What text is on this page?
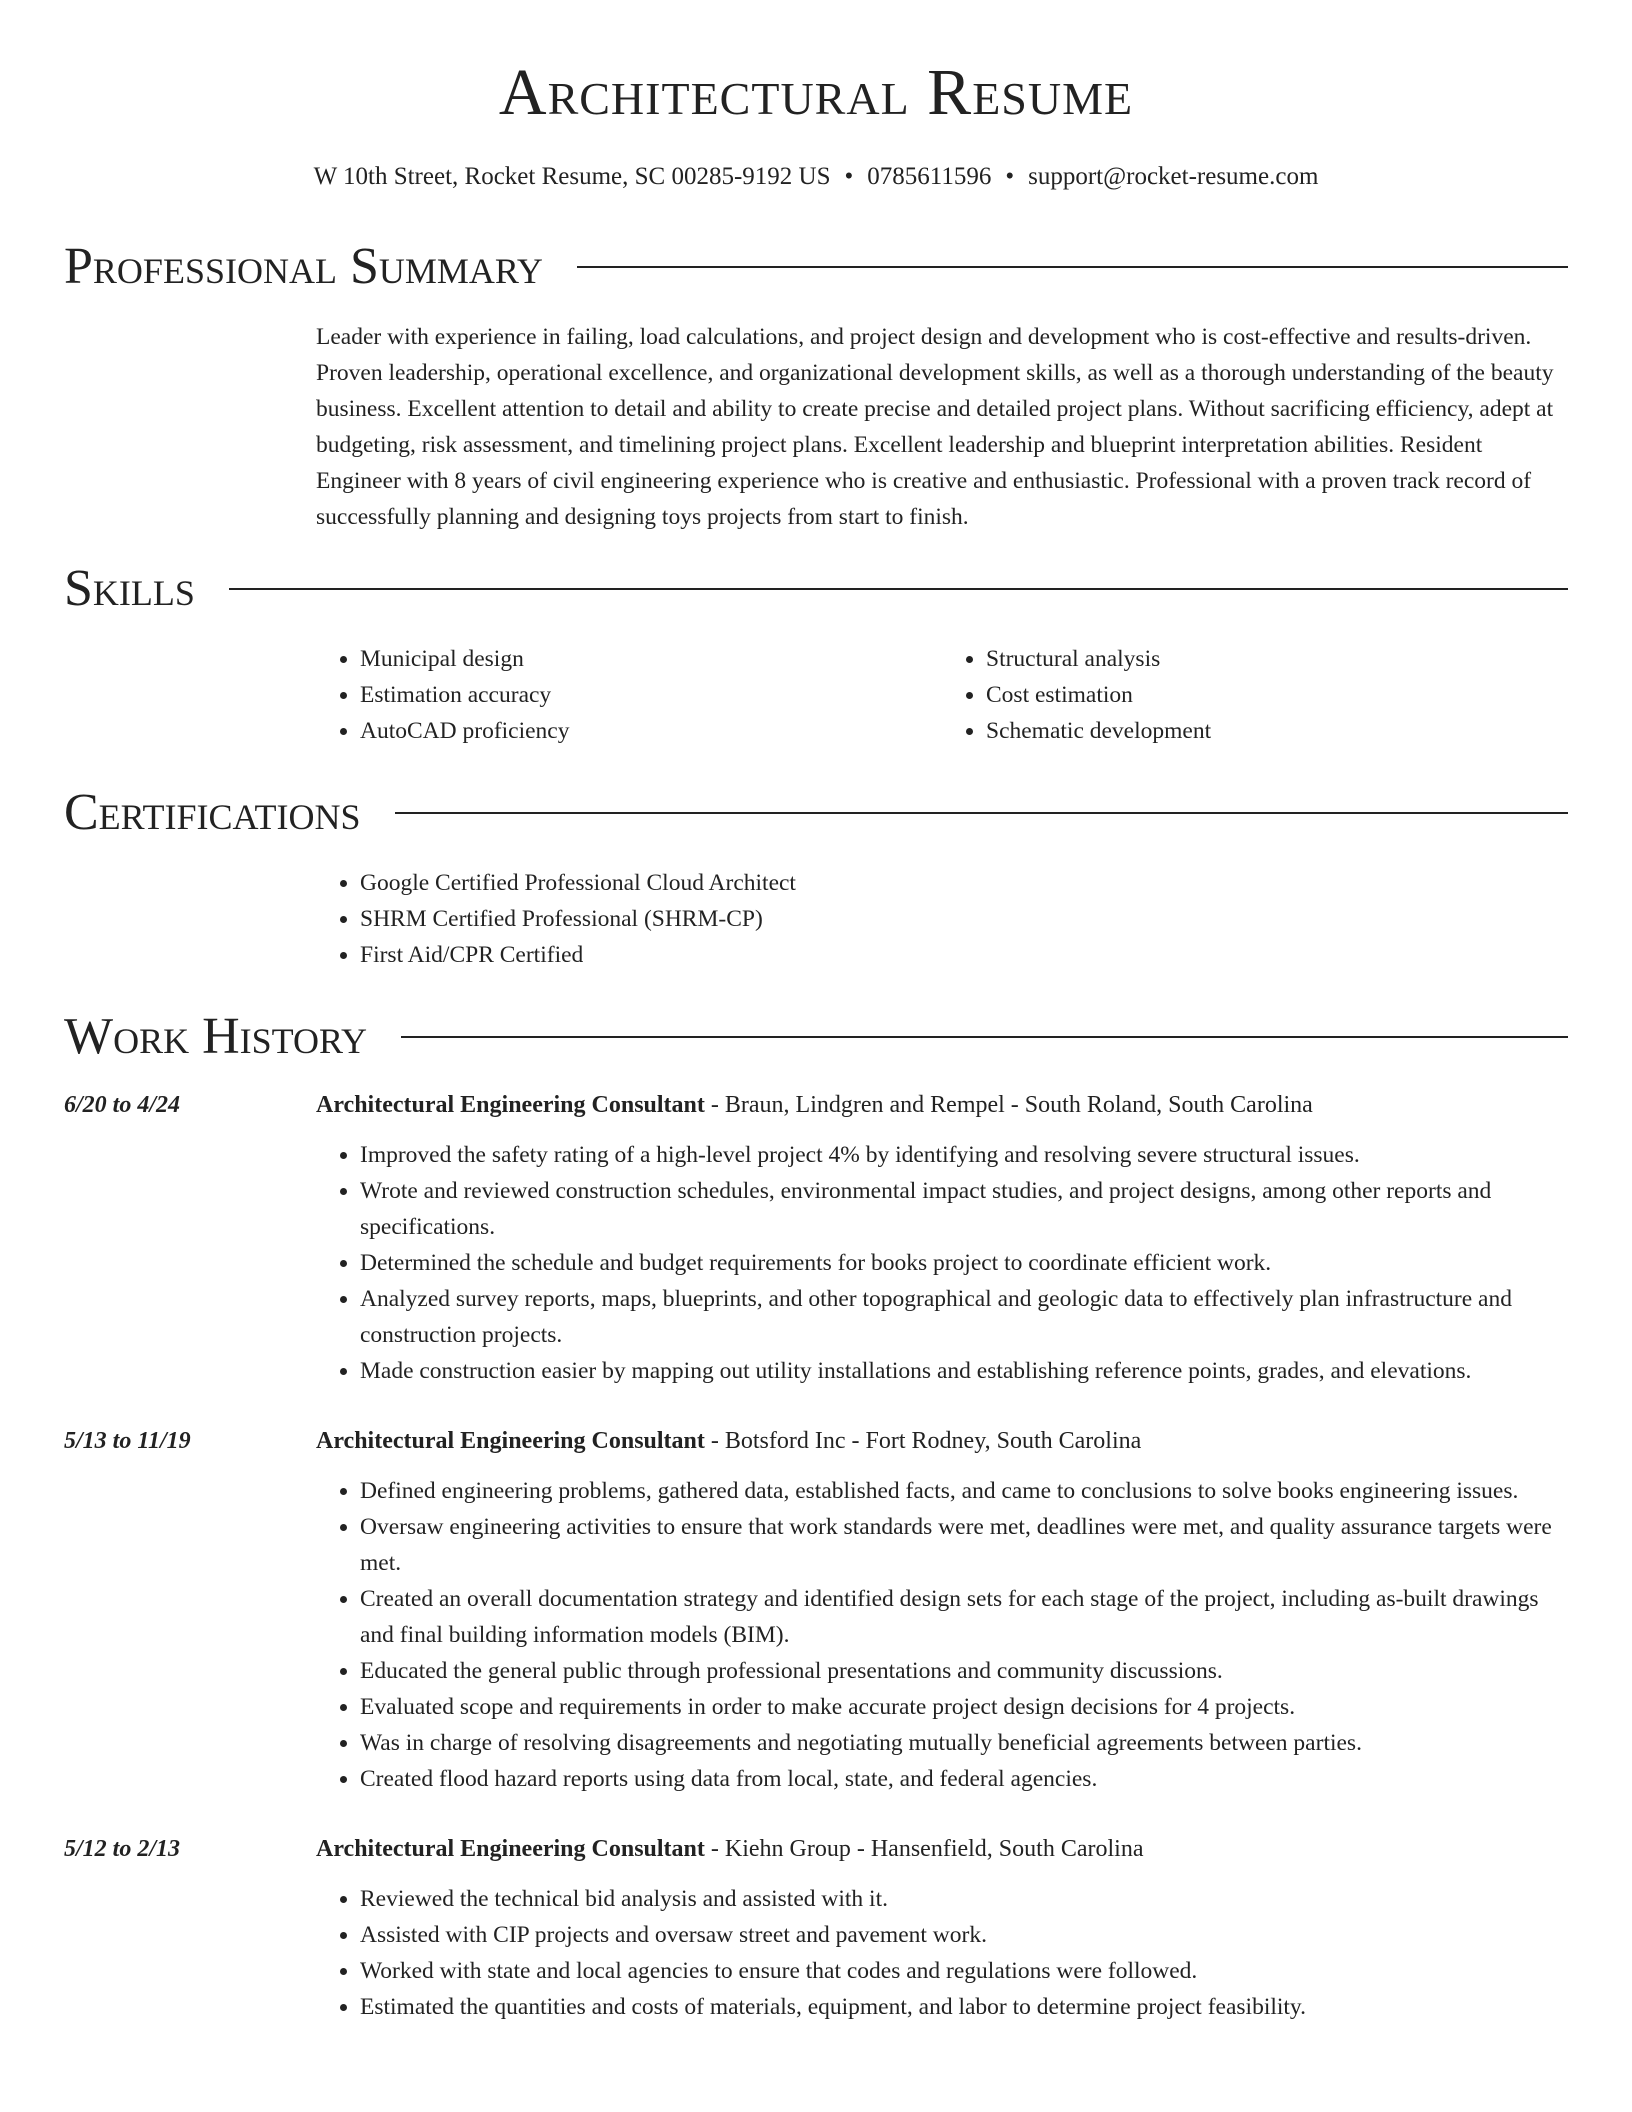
Architectural Resume
W 10th Street, Rocket Resume, SC 00285-9192 US • 0785611596 • support@rocket-resume.com
Professional Summary

Leader with experience in failing, load calculations, and project design and development who is cost-effective and results-driven. Proven leadership, operational excellence, and organizational development skills, as well as a thorough understanding of the beauty business. Excellent attention to detail and ability to create precise and detailed project plans. Without sacrificing efficiency, adept at budgeting, risk assessment, and timelining project plans. Excellent leadership and blueprint interpretation abilities. Resident Engineer with 8 years of civil engineering experience who is creative and enthusiastic. Professional with a proven track record of successfully planning and designing toys projects from start to finish.

Skills
• Municipal design
• Estimation accuracy
• AutoCAD proficiency
• Structural analysis
• Cost estimation
• Schematic development
Certifications
• Google Certified Professional Cloud Architect
• SHRM Certified Professional (SHRM-CP)
• First Aid/CPR Certified
Work History
6/20 to 4/24	Architectural Engineering Consultant - Braun, Lindgren and Rempel - South Roland, South Carolina
• Improved the safety rating of a high-level project 4% by identifying and resolving severe structural issues.
• Wrote and reviewed construction schedules, environmental impact studies, and project designs, among other reports and specifications.
• Determined the schedule and budget requirements for books project to coordinate efficient work.
• Analyzed survey reports, maps, blueprints, and other topographical and geologic data to effectively plan infrastructure and construction projects.
• Made construction easier by mapping out utility installations and establishing reference points, grades, and elevations.
5/13 to 11/19	Architectural Engineering Consultant - Botsford Inc - Fort Rodney, South Carolina
• Defined engineering problems, gathered data, established facts, and came to conclusions to solve books engineering issues.
• Oversaw engineering activities to ensure that work standards were met, deadlines were met, and quality assurance targets were met.
• Created an overall documentation strategy and identified design sets for each stage of the project, including as-built drawings and final building information models (BIM).
• Educated the general public through professional presentations and community discussions.
• Evaluated scope and requirements in order to make accurate project design decisions for 4 projects.
• Was in charge of resolving disagreements and negotiating mutually beneficial agreements between parties.
• Created flood hazard reports using data from local, state, and federal agencies.
5/12 to 2/13	Architectural Engineering Consultant - Kiehn Group - Hansenfield, South Carolina
• Reviewed the technical bid analysis and assisted with it.
• Assisted with CIP projects and oversaw street and pavement work.
• Worked with state and local agencies to ensure that codes and regulations were followed.
• Estimated the quantities and costs of materials, equipment, and labor to determine project feasibility.
